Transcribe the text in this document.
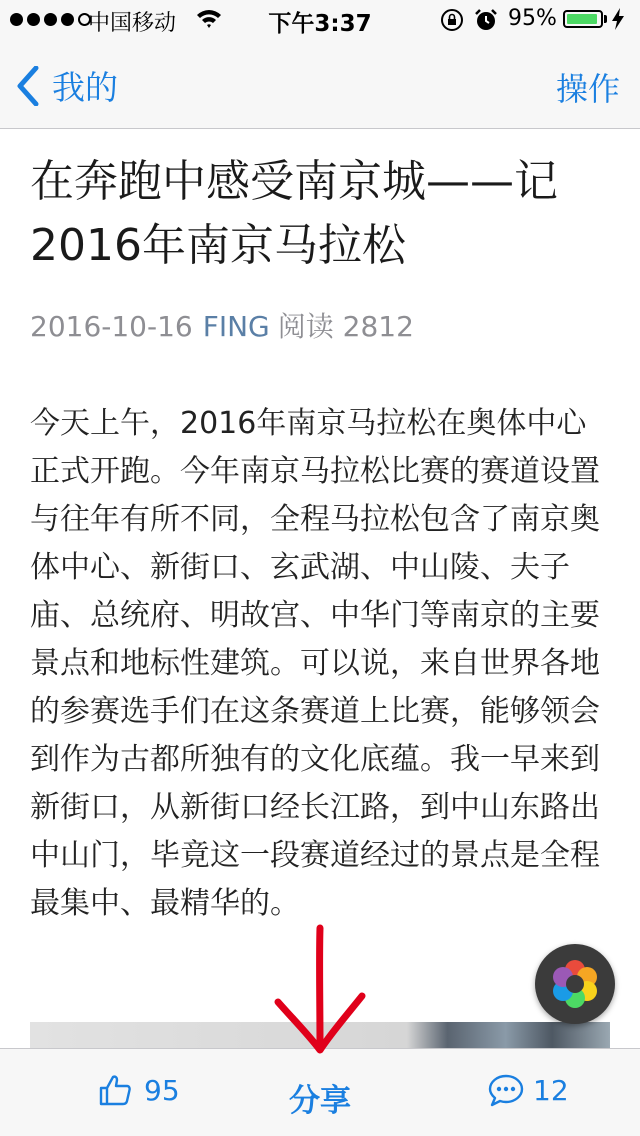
中国移动	下午3:37	95%
我的	操作
在奔跑中感受南京城——记2016年南京马拉松
2016-10-16 FING 阅读 2812

今天上午，2016年南京马拉松在奥体中心正式开跑。今年南京马拉松比赛的赛道设置与往年有所不同，全程马拉松包含了南京奥体中心、新街口、玄武湖、中山陵、夫子庙、总统府、明故宫、中华门等南京的主要景点和地标性建筑。可以说，来自世界各地的参赛选手们在这条赛道上比赛，能够领会到作为古都所独有的文化底蕴。我一早来到新街口，从新街口经长江路，到中山东路出中山门，毕竟这一段赛道经过的景点是全程最集中、最精华的。

95	分享	12
